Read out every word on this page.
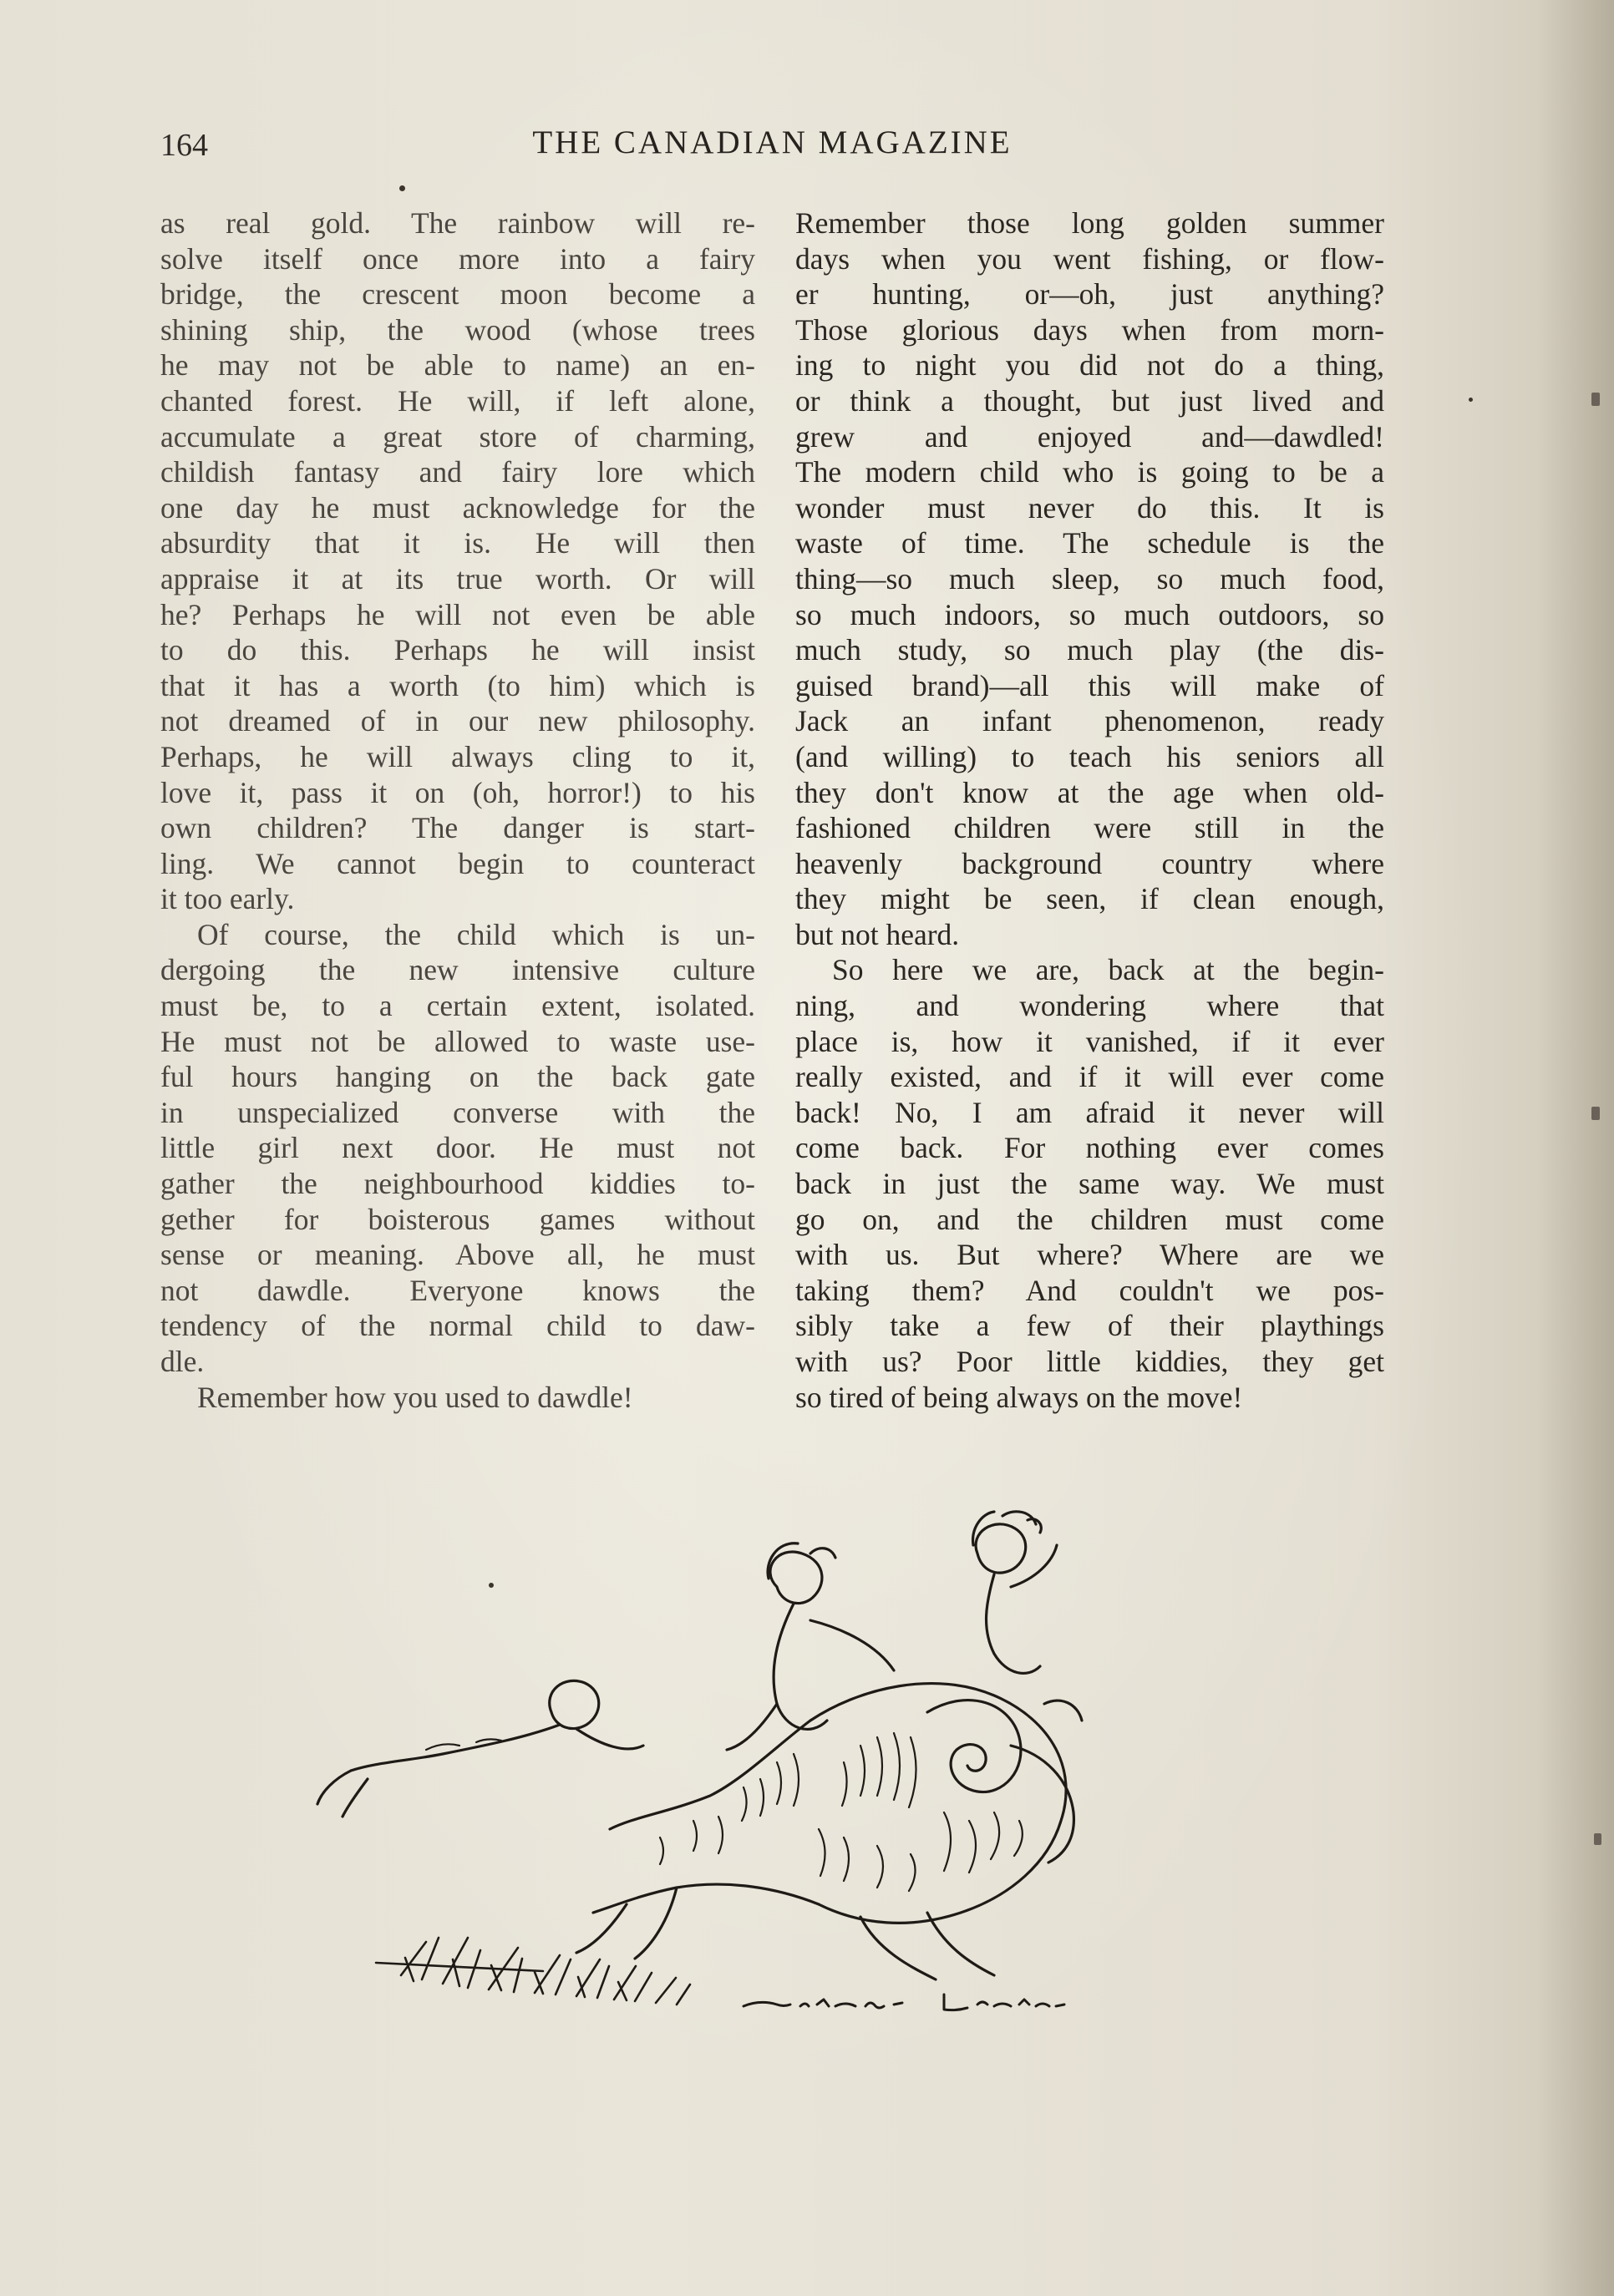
164	THE CANADIAN MAGAZINE
as real gold. The rainbow will re-
solve itself once more into a fairy
bridge, the crescent moon become a
shining ship, the wood (whose trees
he may not be able to name) an en-
chanted forest. He will, if left alone,
accumulate a great store of charming,
childish fantasy and fairy lore which
one day he must acknowledge for the
absurdity that it is. He will then
appraise it at its true worth. Or will
he? Perhaps he will not even be able
to do this. Perhaps he will insist
that it has a worth (to him) which is
not dreamed of in our new philosophy.
Perhaps, he will always cling to it,
love it, pass it on (oh, horror!) to his
own children? The danger is start-
ling. We cannot begin to counteract
it too early.
Of course, the child which is un-
dergoing the new intensive culture
must be, to a certain extent, isolated.
He must not be allowed to waste use-
ful hours hanging on the back gate
in unspecialized converse with the
little girl next door. He must not
gather the neighbourhood kiddies to-
gether for boisterous games without
sense or meaning. Above all, he must
not dawdle. Everyone knows the
tendency of the normal child to daw-
dle.
Remember how you used to dawdle!
Remember those long golden summer
days when you went fishing, or flow-
er hunting, or—oh, just anything?
Those glorious days when from morn-
ing to night you did not do a thing,
or think a thought, but just lived and
grew and enjoyed and—dawdled!
The modern child who is going to be a
wonder must never do this. It is
waste of time. The schedule is the
thing—so much sleep, so much food,
so much indoors, so much outdoors, so
much study, so much play (the dis-
guised brand)—all this will make of
Jack an infant phenomenon, ready
(and willing) to teach his seniors all
they don't know at the age when old-
fashioned children were still in the
heavenly background country where
they might be seen, if clean enough,
but not heard.
So here we are, back at the begin-
ning, and wondering where that
place is, how it vanished, if it ever
really existed, and if it will ever come
back! No, I am afraid it never will
come back. For nothing ever comes
back in just the same way. We must
go on, and the children must come
with us. But where? Where are we
taking them? And couldn't we pos-
sibly take a few of their playthings
with us? Poor little kiddies, they get
so tired of being always on the move!
